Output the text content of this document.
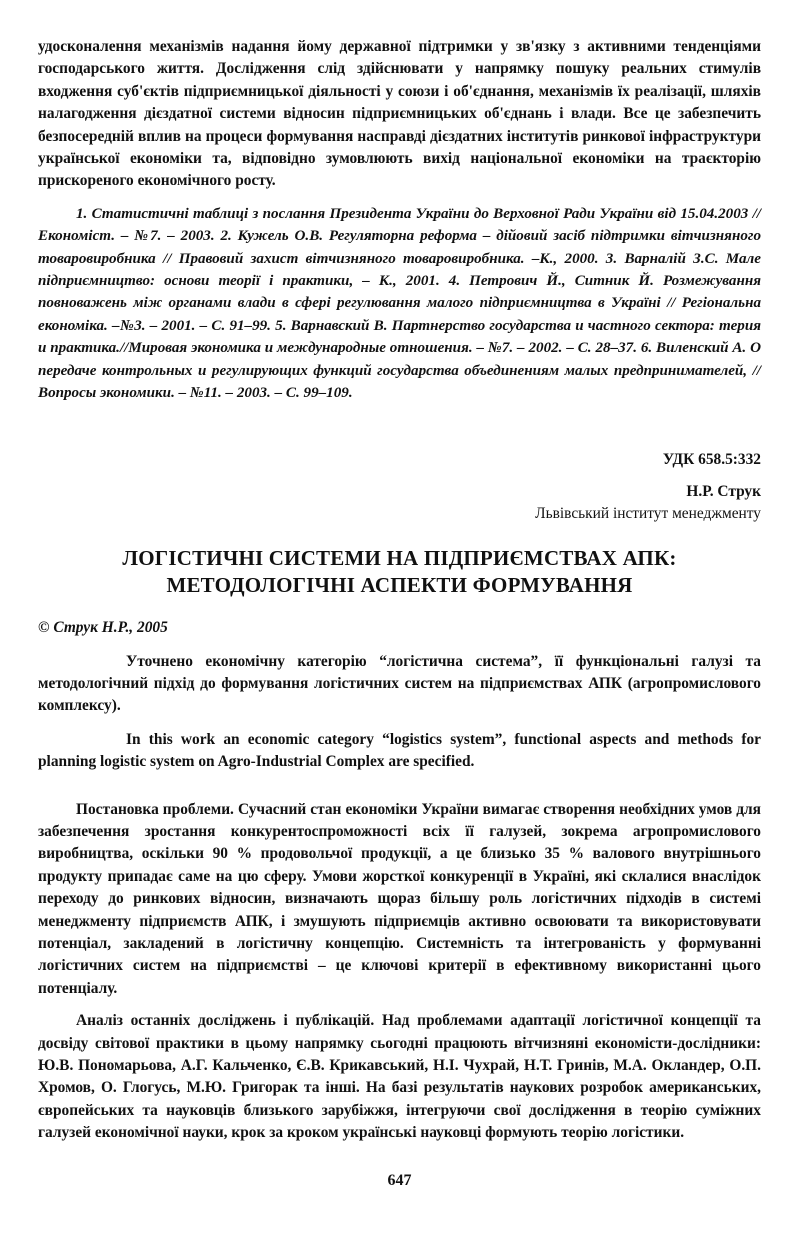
удосконалення механізмів надання йому державної підтримки у зв'язку з активними тенденціями господарського життя. Дослідження слід здійснювати у напрямку пошуку реальних стимулів входження суб'єктів підприємницької діяльності у союзи і об'єднання, механізмів їх реалізації, шляхів налагодження дієздатної системи відносин підприємницьких об'єднань і влади. Все це забезпечить безпосередній вплив на процеси формування насправді дієздатних інститутів ринкової інфраструктури української економіки та, відповідно зумовлюють вихід національної економіки на траєкторію прискореного економічного росту.

1. Статистичні таблиці з послання Президента України до Верховної Ради України від 15.04.2003 // Економіст. – №7. – 2003. 2. Кужель О.В. Регуляторна реформа – дійовий засіб підтримки вітчизняного товаровиробника // Правовий захист вітчизняного товаровиробника. –К., 2000. 3. Варналій З.С. Мале підприємництво: основи теорії і практики, – К., 2001. 4. Петрович Й., Ситник Й. Розмежування повноважень між органами влади в сфері регулювання малого підприємництва в Україні // Регіональна економіка. –№3. – 2001. – С. 91–99. 5. Варнавский В. Партнерство государства и частного сектора: терия и практика.//Мировая экономика и международные отношения. – №7. – 2002. – С. 28–37. 6. Виленский А. О передаче контрольных и регулирующих функций государства объединениям малых предпринимателей, // Вопросы экономики. – №11. – 2003. – С. 99–109.

УДК 658.5:332
Н.Р. Струк
Львівський інститут менеджменту
ЛОГІСТИЧНІ СИСТЕМИ НА ПІДПРИЄМСТВАХ АПК:
МЕТОДОЛОГІЧНІ АСПЕКТИ ФОРМУВАННЯ
© Струк Н.Р., 2005

Уточнено економічну категорію “логістична система”, її функціональні галузі та методологічний підхід до формування логістичних систем на підприємствах АПК (агропромислового комплексу).

In this work an economic category “logistics system”, functional aspects and methods for planning logistic system on Agro-Industrial Complex are specified.

Постановка проблеми. Сучасний стан економіки України вимагає створення необхідних умов для забезпечення зростання конкурентоспроможності всіх її галузей, зокрема агропромислового виробництва, оскільки 90 % продовольчої продукції, а це близько 35 % валового внутрішнього продукту припадає саме на цю сферу. Умови жорсткої конкуренції в Україні, які склалися внаслідок переходу до ринкових відносин, визначають щораз більшу роль логістичних підходів в системі менеджменту підприємств АПК, і змушують підприємців активно освоювати та використовувати потенціал, закладений в логістичну концепцію. Системність та інтегрованість у формуванні логістичних систем на підприємстві – це ключові критерії в ефективному використанні цього потенціалу.

Аналіз останніх досліджень і публікацій. Над проблемами адаптації логістичної концепції та досвіду світової практики в цьому напрямку сьогодні працюють вітчизняні економісти-дослідники: Ю.В. Пономарьова, А.Г. Кальченко, Є.В. Крикавський, Н.І. Чухрай, Н.Т. Гринів, М.А. Окландер, О.П. Хромов, О. Глогусь, М.Ю. Григорак та інші. На базі результатів наукових розробок американських, європейських та науковців близького зарубіжжя, інтегруючи свої дослідження в теорію суміжних галузей економічної науки, крок за кроком українські науковці формують теорію логістики.

647
